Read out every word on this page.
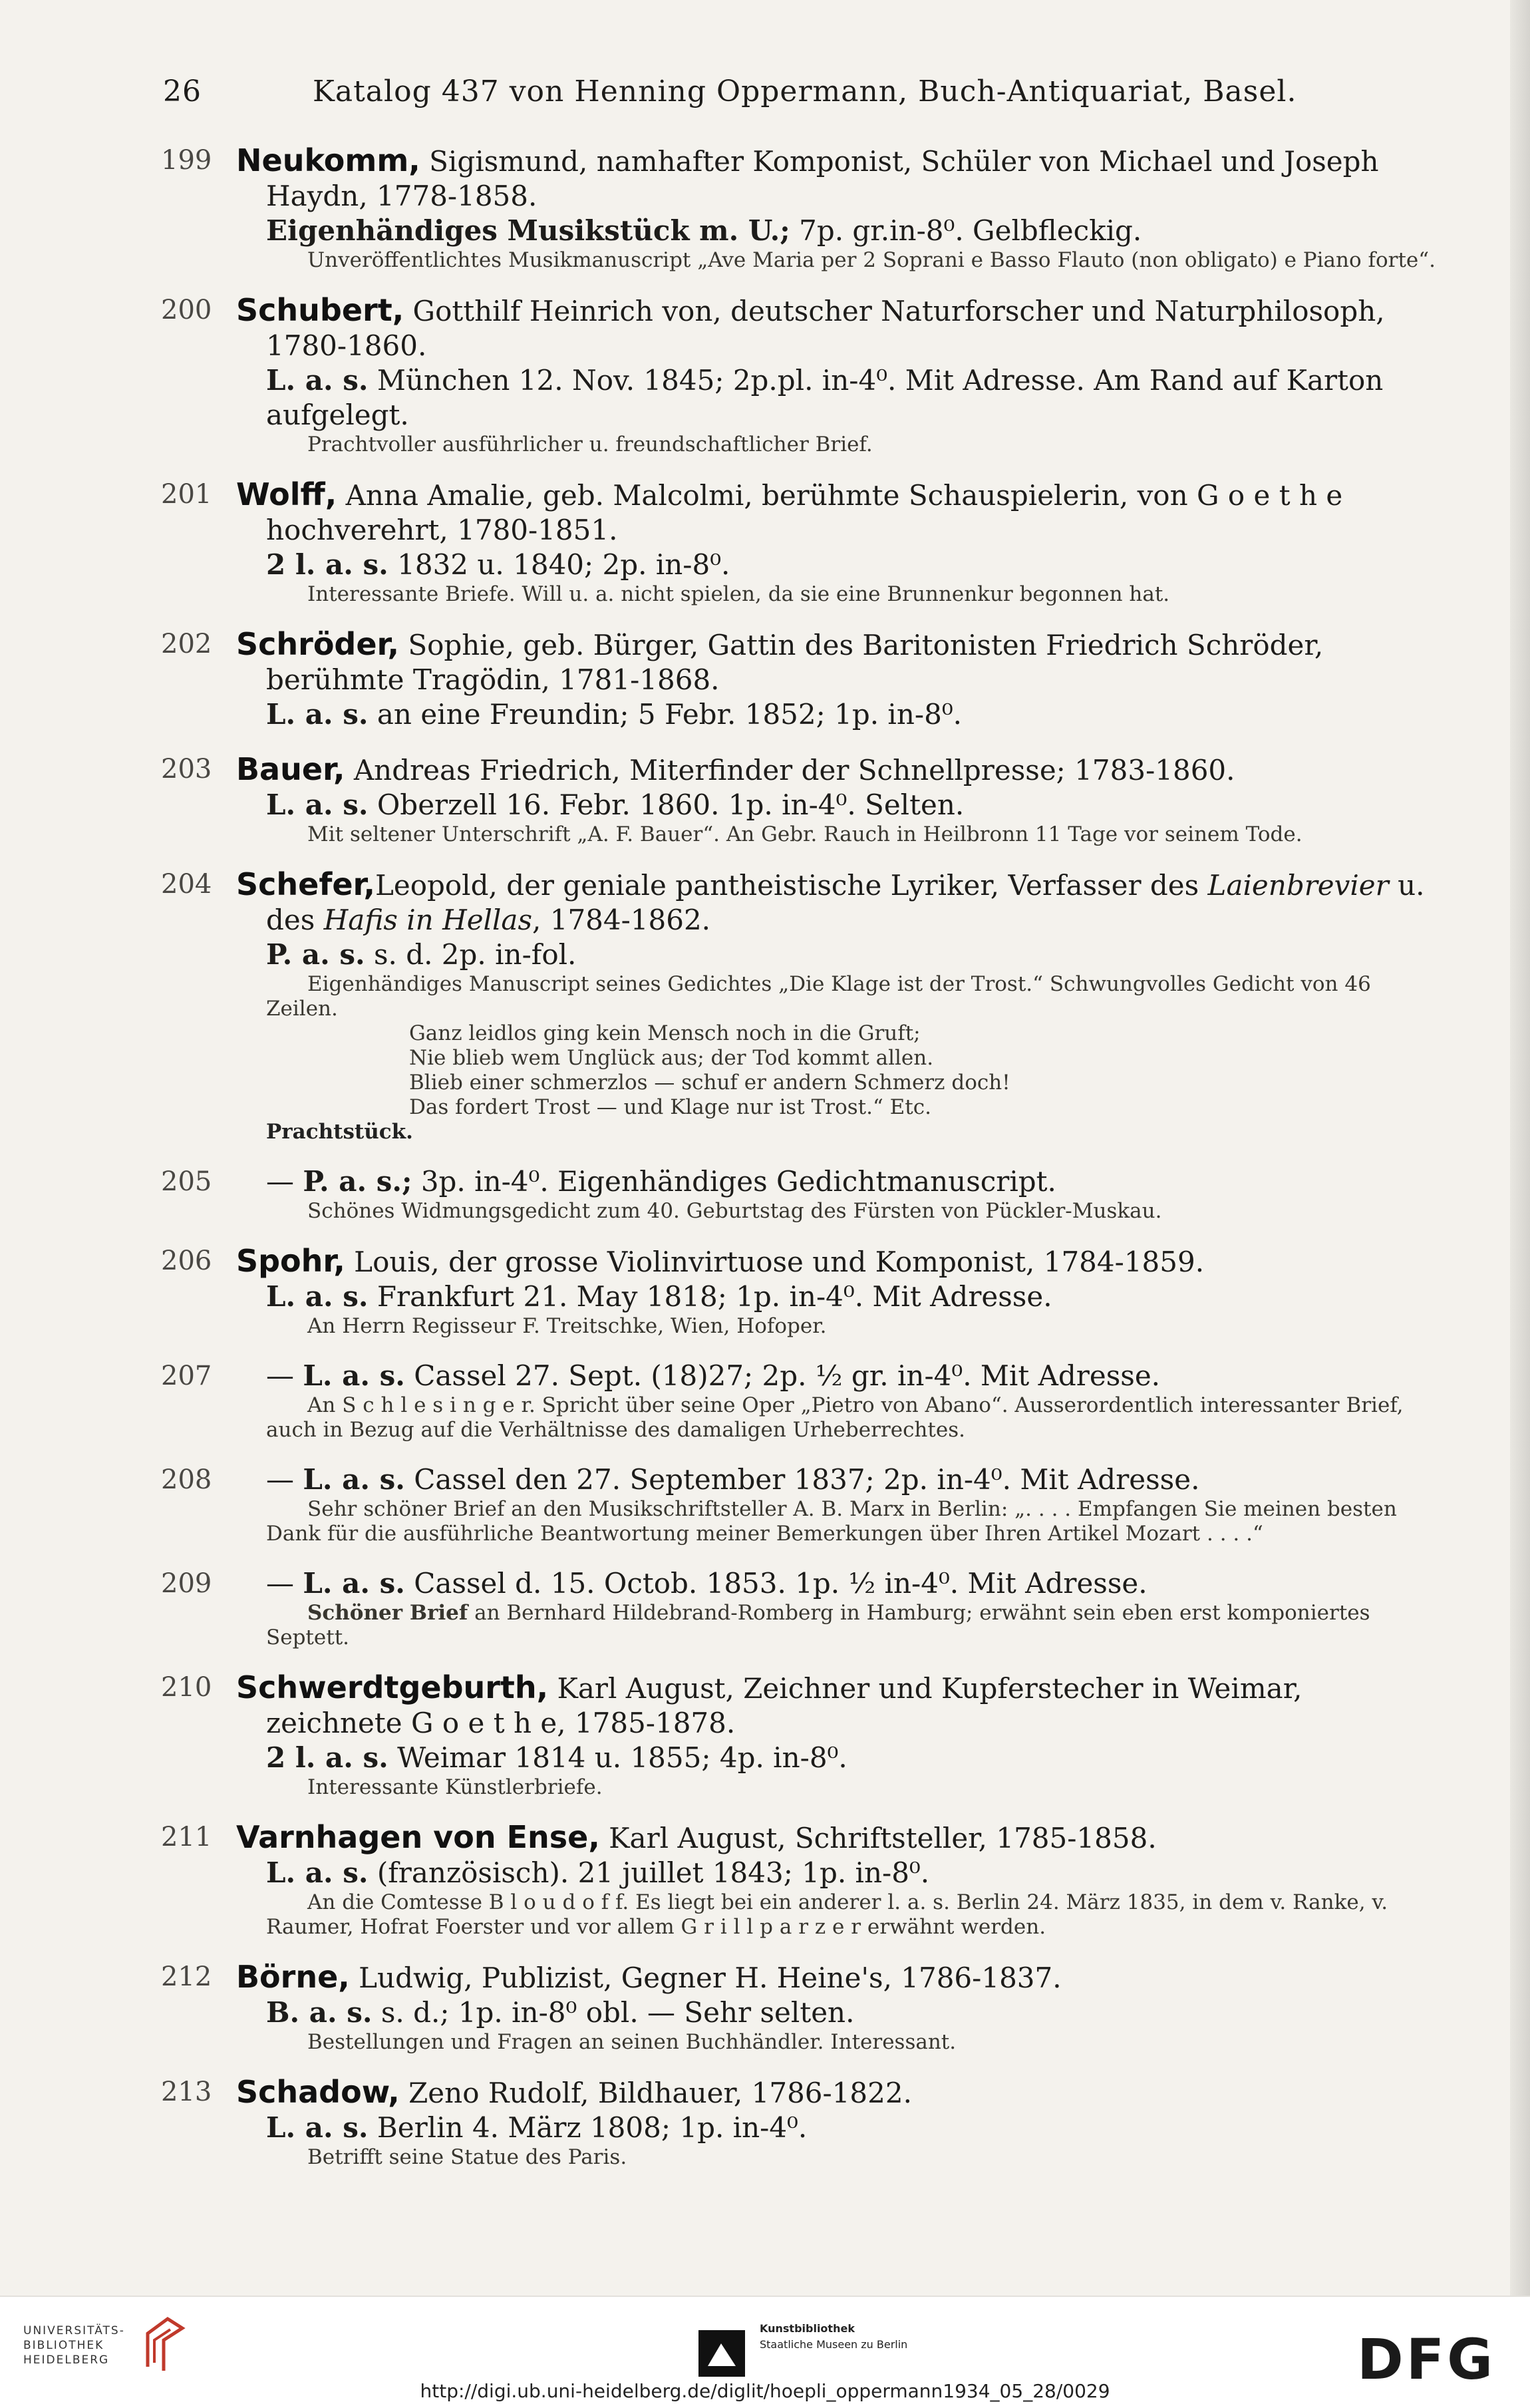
26	Katalog 437 von Henning Oppermann, Buch-Antiquariat, Basel.
199 Neukomm, Sigismund, namhafter Komponist, Schüler von Michael und Joseph Haydn, 1778-1858.
Eigenhändiges Musikstück m. U.; 7p. gr.in-8⁰. Gelbfleckig.
Unveröffentlichtes Musikmanuscript „Ave Maria per 2 Soprani e Basso Flauto (non obligato) e Piano forte“.
200 Schubert, Gotthilf Heinrich von, deutscher Naturforscher und Naturphilosoph, 1780-1860.
L. a. s. München 12. Nov. 1845; 2p.pl. in-4⁰. Mit Adresse. Am Rand auf Karton aufgelegt.
Prachtvoller ausführlicher u. freundschaftlicher Brief.
201 Wolff, Anna Amalie, geb. Malcolmi, berühmte Schauspielerin, von G o e t h e hochverehrt, 1780-1851.
2 l. a. s. 1832 u. 1840; 2p. in-8⁰.
Interessante Briefe. Will u. a. nicht spielen, da sie eine Brunnenkur begonnen hat.
202 Schröder, Sophie, geb. Bürger, Gattin des Baritonisten Friedrich Schröder, berühmte Tragödin, 1781-1868.
L. a. s. an eine Freundin; 5 Febr. 1852; 1p. in-8⁰.
203 Bauer, Andreas Friedrich, Miterfinder der Schnellpresse; 1783-1860.
L. a. s. Oberzell 16. Febr. 1860. 1p. in-4⁰. Selten.
Mit seltener Unterschrift „A. F. Bauer“. An Gebr. Rauch in Heilbronn 11 Tage vor seinem Tode.
204 Schefer,Leopold, der geniale pantheistische Lyriker, Verfasser des Laienbrevier u. des Hafis in Hellas, 1784-1862.
P. a. s. s. d. 2p. in-fol.
Eigenhändiges Manuscript seines Gedichtes „Die Klage ist der Trost.“ Schwungvolles Gedicht von 46 Zeilen.
Ganz leidlos ging kein Mensch noch in die Gruft;
Nie blieb wem Unglück aus; der Tod kommt allen.
Blieb einer schmerzlos — schuf er andern Schmerz doch!
Das fordert Trost — und Klage nur ist Trost.“ Etc.
Prachtstück.
205 — P. a. s.; 3p. in-4⁰. Eigenhändiges Gedichtmanuscript.
Schönes Widmungsgedicht zum 40. Geburtstag des Fürsten von Pückler-Muskau.
206 Spohr, Louis, der grosse Violinvirtuose und Komponist, 1784-1859.
L. a. s. Frankfurt 21. May 1818; 1p. in-4⁰. Mit Adresse.
An Herrn Regisseur F. Treitschke, Wien, Hofoper.
207 — L. a. s. Cassel 27. Sept. (18)27; 2p. ½ gr. in-4⁰. Mit Adresse.
An S c h l e s i n g e r. Spricht über seine Oper „Pietro von Abano“. Ausserordentlich interessanter Brief, auch in Bezug auf die Verhältnisse des damaligen Urheberrechtes.
208 — L. a. s. Cassel den 27. September 1837; 2p. in-4⁰. Mit Adresse.
Sehr schöner Brief an den Musikschriftsteller A. B. Marx in Berlin: „. . . . Empfangen Sie meinen besten Dank für die ausführliche Beantwortung meiner Bemerkungen über Ihren Artikel Mozart . . . .“
209 — L. a. s. Cassel d. 15. Octob. 1853. 1p. ½ in-4⁰. Mit Adresse.
Schöner Brief an Bernhard Hildebrand-Romberg in Hamburg; erwähnt sein eben erst komponiertes Septett.
210 Schwerdtgeburth, Karl August, Zeichner und Kupferstecher in Weimar, zeichnete G o e t h e, 1785-1878.
2 l. a. s. Weimar 1814 u. 1855; 4p. in-8⁰.
Interessante Künstlerbriefe.
211 Varnhagen von Ense, Karl August, Schriftsteller, 1785-1858.
L. a. s. (französisch). 21 juillet 1843; 1p. in-8⁰.
An die Comtesse B l o u d o f f. Es liegt bei ein anderer l. a. s. Berlin 24. März 1835, in dem v. Ranke, v. Raumer, Hofrat Foerster und vor allem G r i l l p a r z e r erwähnt werden.
212 Börne, Ludwig, Publizist, Gegner H. Heine's, 1786-1837.
B. a. s. s. d.; 1p. in-8⁰ obl. — Sehr selten.
Bestellungen und Fragen an seinen Buchhändler. Interessant.
213 Schadow, Zeno Rudolf, Bildhauer, 1786-1822.
L. a. s. Berlin 4. März 1808; 1p. in-4⁰.
Betrifft seine Statue des Paris.
UNIVERSITÄTS-
BIBLIOTHEK
HEIDELBERG
Kunstbibliothek
Staatliche Museen zu Berlin	DFG
http://digi.ub.uni-heidelberg.de/diglit/hoepli_oppermann1934_05_28/0029
